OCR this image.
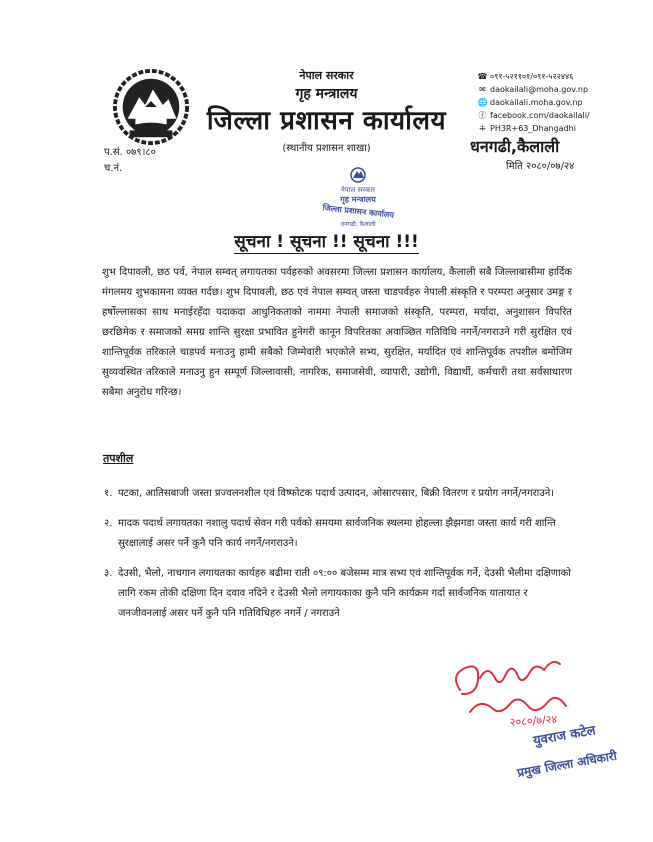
नेपाल सरकार
गृह मन्त्रालय
जिल्ला प्रशासन कार्यालय
(स्थानीय प्रशासन शाखा)
☎ ०९१-५२११०१/०९१-५२२४४६
✉ daokailali@moha.gov.np
🌐 daokailali.moha.gov.np
ⓕ facebook.com/daokailali/
⁜ PH3R+63_Dhangadhi
धनगढी,कैलाली
मिति २०८०/०७/२४
प.सं. ०७९।८०
च.नं.
नेपाल सरकार
गृह मन्त्रालय
जिल्ला प्रशासन कार्यालय
धनगढी, कैलाली
सूचना ! सूचना !! सूचना !!!
शुभ दिपावली, छठ पर्व, नेपाल सम्वत् लगायतका पर्वहरुको अवसरमा जिल्ला प्रशासन कार्यालय, कैलाली सबै जिल्लाबासीमा हार्दिक मंगलमय शुभकामना व्यक्त गर्दछ। शुभ दिपावली, छठ एवं नेपाल सम्वत् जस्ता चाडपर्वहरु नेपाली संस्कृति र परम्परा अनुसार उमङ्ग र हर्षोल्लासका साथ मनाईरहँदा यदाकदा आधुनिकताको नाममा नेपाली समाजको संस्कृति, परम्परा, मर्यादा, अनुशासन विपरित छरछिमेक र समाजको समग्र शान्ति सुरक्षा प्रभावित हुनेगरी कानून विपरितका अवाञ्छित गतिविधि नगर्ने/नगराउने गरी सुरक्षित एवं शान्तिपूर्वक तरिकाले चाडपर्व मनाउनु हामी सबैको जिम्मेवारी भएकोले सभ्य, सुरक्षित, मर्यादित एवं शान्तिपूर्वक तपशील बमोजिम सुव्यवस्थित तरिकाले मनाउनु हुन सम्पूर्ण जिल्लावासी, नागरिक, समाजसेवी, व्यापारी, उद्योगी, विद्यार्थी, कर्मचारी तथा सर्वसाधारण सबैमा अनुरोध गरिन्छ।
तपशील
१. पटका, आतिसबाजी जस्ता प्रज्वलनशील एवं विष्फोटक पदार्थ उत्पादन, ओसारपसार, बिक्री वितरण र प्रयोग नगर्ने/नगराउने।
२. मादक पदार्थ लगायतका नशालु पदार्थ सेवन गरी पर्वको समयमा सार्वजनिक स्थलमा होहल्ला झैझगडा जस्ता कार्य गरी शान्ति सुरक्षालाई असर पर्ने कुनै पनि कार्य नगर्ने/नगराउने।
३. देउसी, भैलो, नाचगान लगायतका कार्यहरु बढीमा राती ०९:०० बजेसम्म मात्र सभ्य एवं शान्तिपूर्वक गर्ने, देउसी भैलीमा दक्षिणाको लागि रकम तोकी दक्षिणा दिन दवाव नदिने र देउसी भैलो लगायकाका कुनै पनि कार्यक्रम गर्दा सार्वजनिक यातायात र जनजीवनलाई असर पर्ने कुनै पनि गतिविधिहरु नगर्ने / नगराउने
२०८०/७/२४
युवराज कटेल
प्रमुख जिल्ला अधिकारी
